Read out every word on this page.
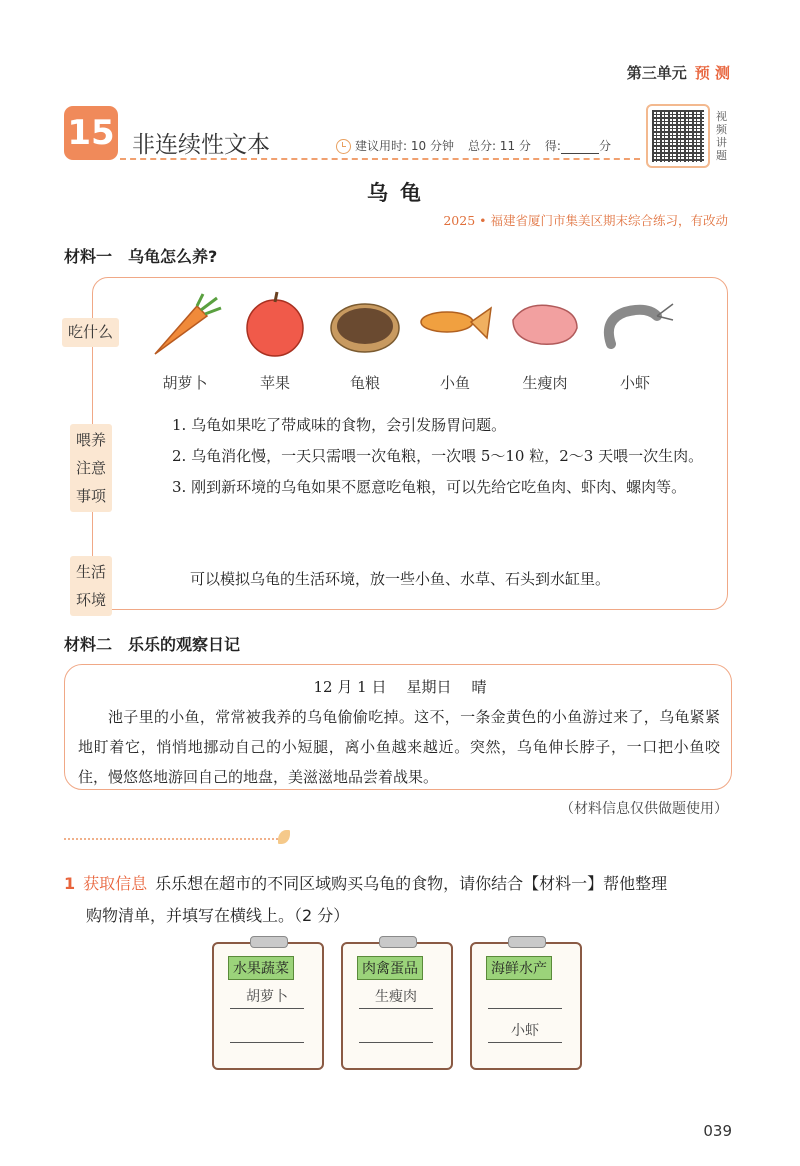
第三单元 预 测
15 非连续性文本	建议用时: 10 分钟 总分: 11 分 得:	分
视频讲题
乌龟
2025 • 福建省厦门市集美区期末综合练习，有改动
材料一 乌龟怎么养?
吃什么
喂养注意事项
生活环境
胡萝卜	苹果	龟粮	小鱼	生瘦肉	小虾

1. 乌龟如果吃了带咸味的食物，会引发肠胃问题。

2. 乌龟消化慢，一天只需喂一次龟粮，一次喂 5～10 粒，2～3 天喂一次生肉。

3. 刚到新环境的乌龟如果不愿意吃龟粮，可以先给它吃鱼肉、虾肉、螺肉等。

可以模拟乌龟的生活环境，放一些小鱼、水草、石头到水缸里。
材料二 乐乐的观察日记
12 月 1 日 星期日 晴
池子里的小鱼，常常被我养的乌龟偷偷吃掉。这不，一条金黄色的小鱼游过来了，乌龟紧紧地盯着它，悄悄地挪动自己的小短腿，离小鱼越来越近。突然，乌龟伸长脖子，一口把小鱼咬住，慢悠悠地游回自己的地盘，美滋滋地品尝着战果。
（材料信息仅供做题使用）
1 获取信息 乐乐想在超市的不同区域购买乌龟的食物，请你结合【材料一】帮他整理
购物清单，并填写在横线上。（2 分）
水果蔬菜
胡萝卜
肉禽蛋品
生瘦肉
海鲜水产
小虾
039
